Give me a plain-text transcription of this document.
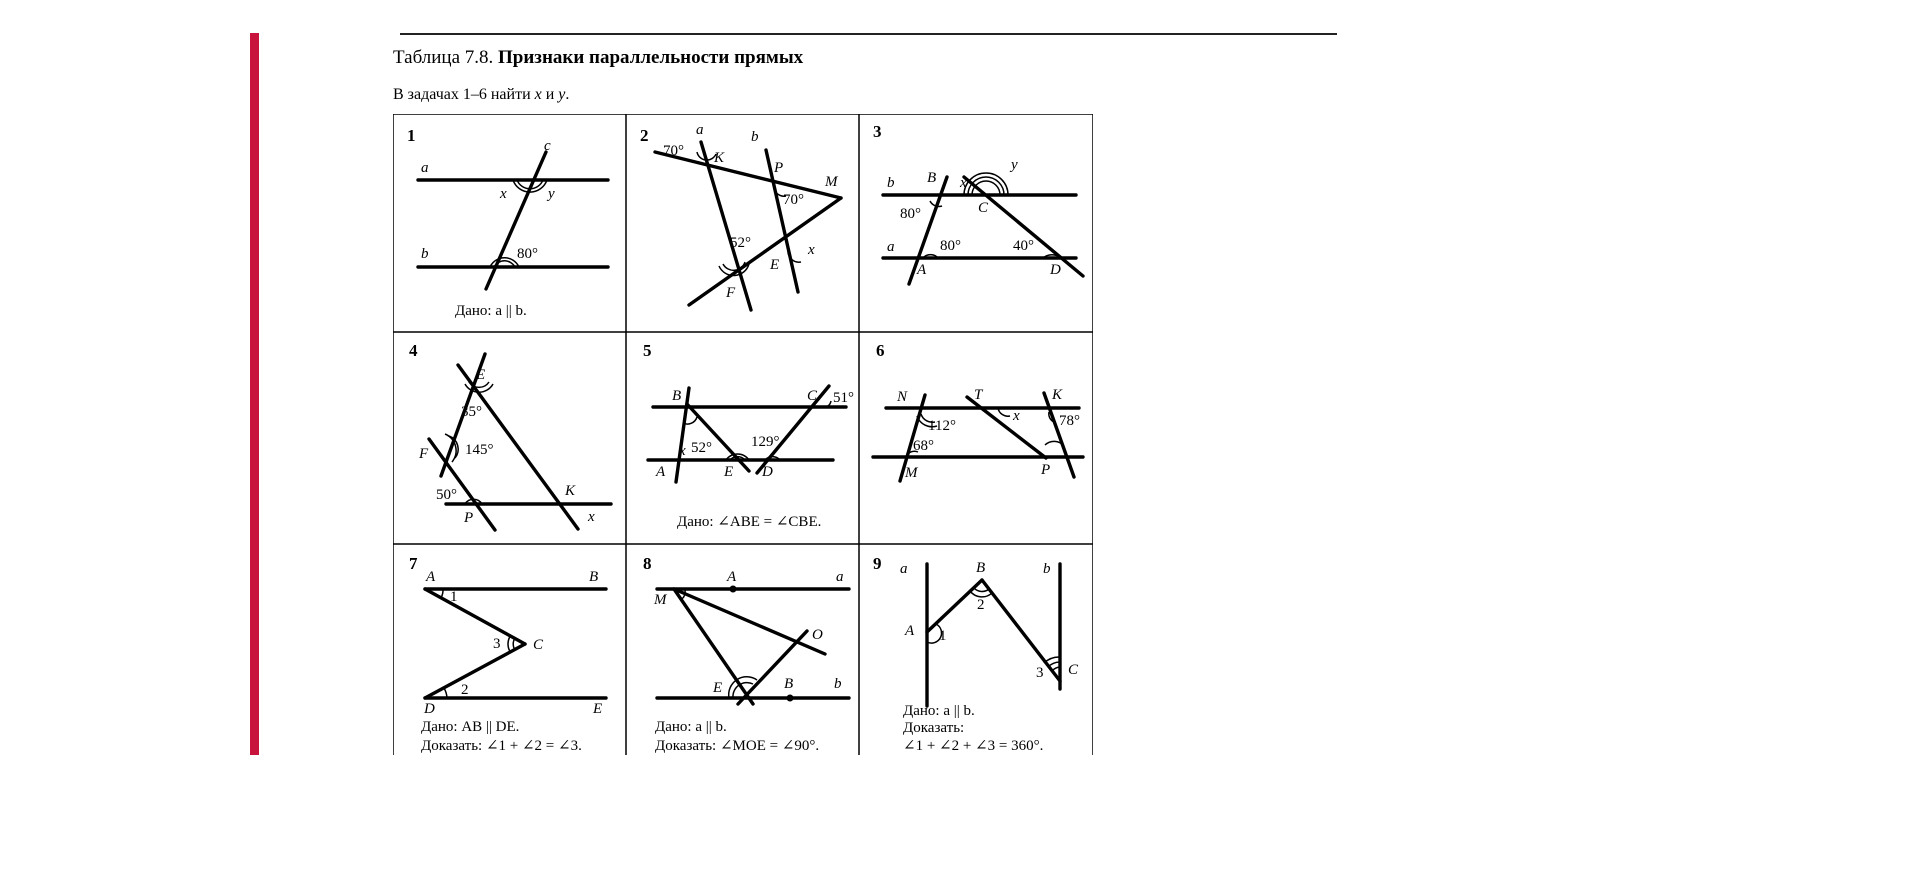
Таблица 7.8. Признаки параллельности прямых
В задачах 1–6 найти x и y.
1
a
b
c
x	y
80°
Дано: a || b.
2	a	b
70° K
P
M
70°
52°
E
x
F
3
b
a
B x
y
C
80°
80°	40°
A	D
4
E
35°
F 145°
50°
P
K
x
5
B	C 51°
x 52°	129°
A	E D
Дано: ∠ABE = ∠CBE.
6
N	T	K
112°
x	78°
68°
M	P
7
A	B
1
3 C
2
D	E
Дано: AB || DE.
Доказать: ∠1 + ∠2 = ∠3.
8
A	a
M
O
E	B	b
Дано: a || b.
Доказать: ∠MOE = ∠90°.
9 a	B	b
2
A 1
3 C
Дано: a || b.
Доказать:
∠1 + ∠2 + ∠3 = 360°.
